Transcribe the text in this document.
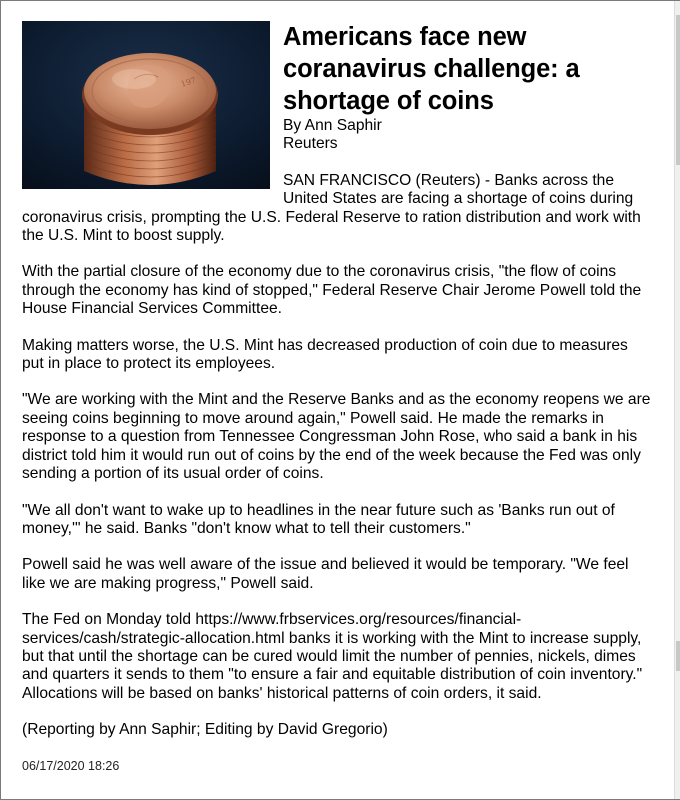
197
Americans face new coranavirus challenge: a shortage of coins
By Ann Saphir
Reuters

SAN FRANCISCO (Reuters) - Banks across the United States are facing a shortage of coins during coronavirus crisis, prompting the U.S. Federal Reserve to ration distribution and work with the U.S. Mint to boost supply.

With the partial closure of the economy due to the coronavirus crisis, "the flow of coins through the economy has kind of stopped," Federal Reserve Chair Jerome Powell told the House Financial Services Committee.

Making matters worse, the U.S. Mint has decreased production of coin due to measures put in place to protect its employees.

"We are working with the Mint and the Reserve Banks and as the economy reopens we are seeing coins beginning to move around again," Powell said. He made the remarks in response to a question from Tennessee Congressman John Rose, who said a bank in his district told him it would run out of coins by the end of the week because the Fed was only sending a portion of its usual order of coins.

"We all don't want to wake up to headlines in the near future such as 'Banks run out of money,'" he said. Banks "don't know what to tell their customers."

Powell said he was well aware of the issue and believed it would be temporary. "We feel like we are making progress," Powell said.

The Fed on Monday told https://www.frbservices.org/resources/financial-services/cash/strategic-allocation.html banks it is working with the Mint to increase supply, but that until the shortage can be cured would limit the number of pennies, nickels, dimes and quarters it sends to them "to ensure a fair and equitable distribution of coin inventory." Allocations will be based on banks' historical patterns of coin orders, it said.

(Reporting by Ann Saphir; Editing by David Gregorio)

06/17/2020 18:26
